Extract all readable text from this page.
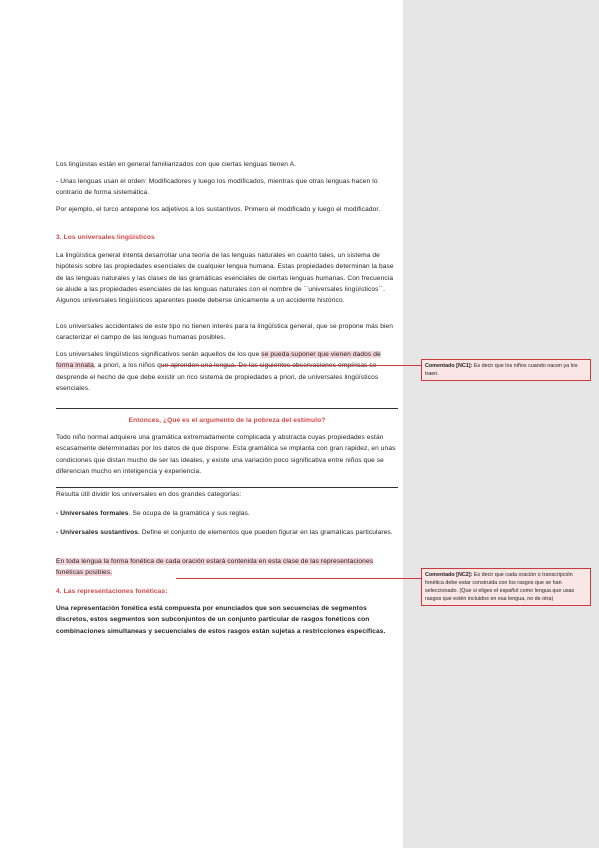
Los lingüistas están en general familiarizados con que ciertas lenguas tienen A.

- Unas lenguas usan el orden: Modificadores y luego los modificados, mientras que otras lenguas hacen lo contrario de forma sistemática.

Por ejemplo, el turco antepone los adjetivos a los sustantivos. Primero el modificado y luego el modificador.

3. Los universales lingüísticos

La lingüística general intenta desarrollar una teoría de las lenguas naturales en cuanto tales, un sistema de hipótesis sobre las propiedades esenciales de cualquier lengua humana. Estas propiedades determinan la base de las lenguas naturales y las clases de las gramáticas esenciales de ciertas lenguas humanas. Con frecuencia se alude a las propiedades esenciales de las lenguas naturales con el nombre de ``universales lingüísticos´´. Algunos universales lingüísticos aparentes puede deberse únicamente a un accidente histórico.

Los universales accidentales de este tipo no tienen interés para la lingüística general, que se propone más bien caracterizar el campo de las lenguas humanas posibles.

Los universales lingüísticos significativos serán aquellos de los que se pueda suponer que vienen dados de forma innata, a priori, a los niños que aprenden una lengua. De las siguientes observaciones empíricas se desprende el hecho de que debe existir un rico sistema de propiedades a priori, de universales lingüísticos esenciales.

Entonces, ¿Qué es el argumento de la pobreza del estímulo?

Todo niño normal adquiere una gramática extremadamente complicada y abstracta cuyas propiedades están escasamente determinadas por los datos de que dispone. Esta gramática se implanta con gran rapidez, en unas condiciones que distan mucho de ser las ideales, y existe una variación poco significativa entre niños que se diferencian mucho en inteligencia y experiencia.

Resulta útil dividir los universales en dos grandes categorías:

- Universales formales. Se ocupa de la gramática y sus reglas.

- Universales sustantivos. Define el conjunto de elementos que pueden figurar en las gramáticas particulares.

En toda lengua la forma fonética de cada oración estará contenida en esta clase de las representaciones fonéticas posibles.

4. Las representaciones fonéticas:

Una representación fonética está compuesta por enunciados que son secuencias de segmentos discretos, estos segmentos son subconjuntos de un conjunto particular de rasgos fonéticos con combinaciones simultaneas y secuenciales de estos rasgos están sujetas a restricciones específicas.

Comentado [NC1]: Es decir que los niños cuando nacen ya los traen.
Comentado [NC2]: Es decir que cada oración o transcripción fonética debe estar construida con los rasgos que se han seleccionado. (Que si eliges el español como lengua que usas rasgos que estén incluidos en esa lengua, no de otra)
